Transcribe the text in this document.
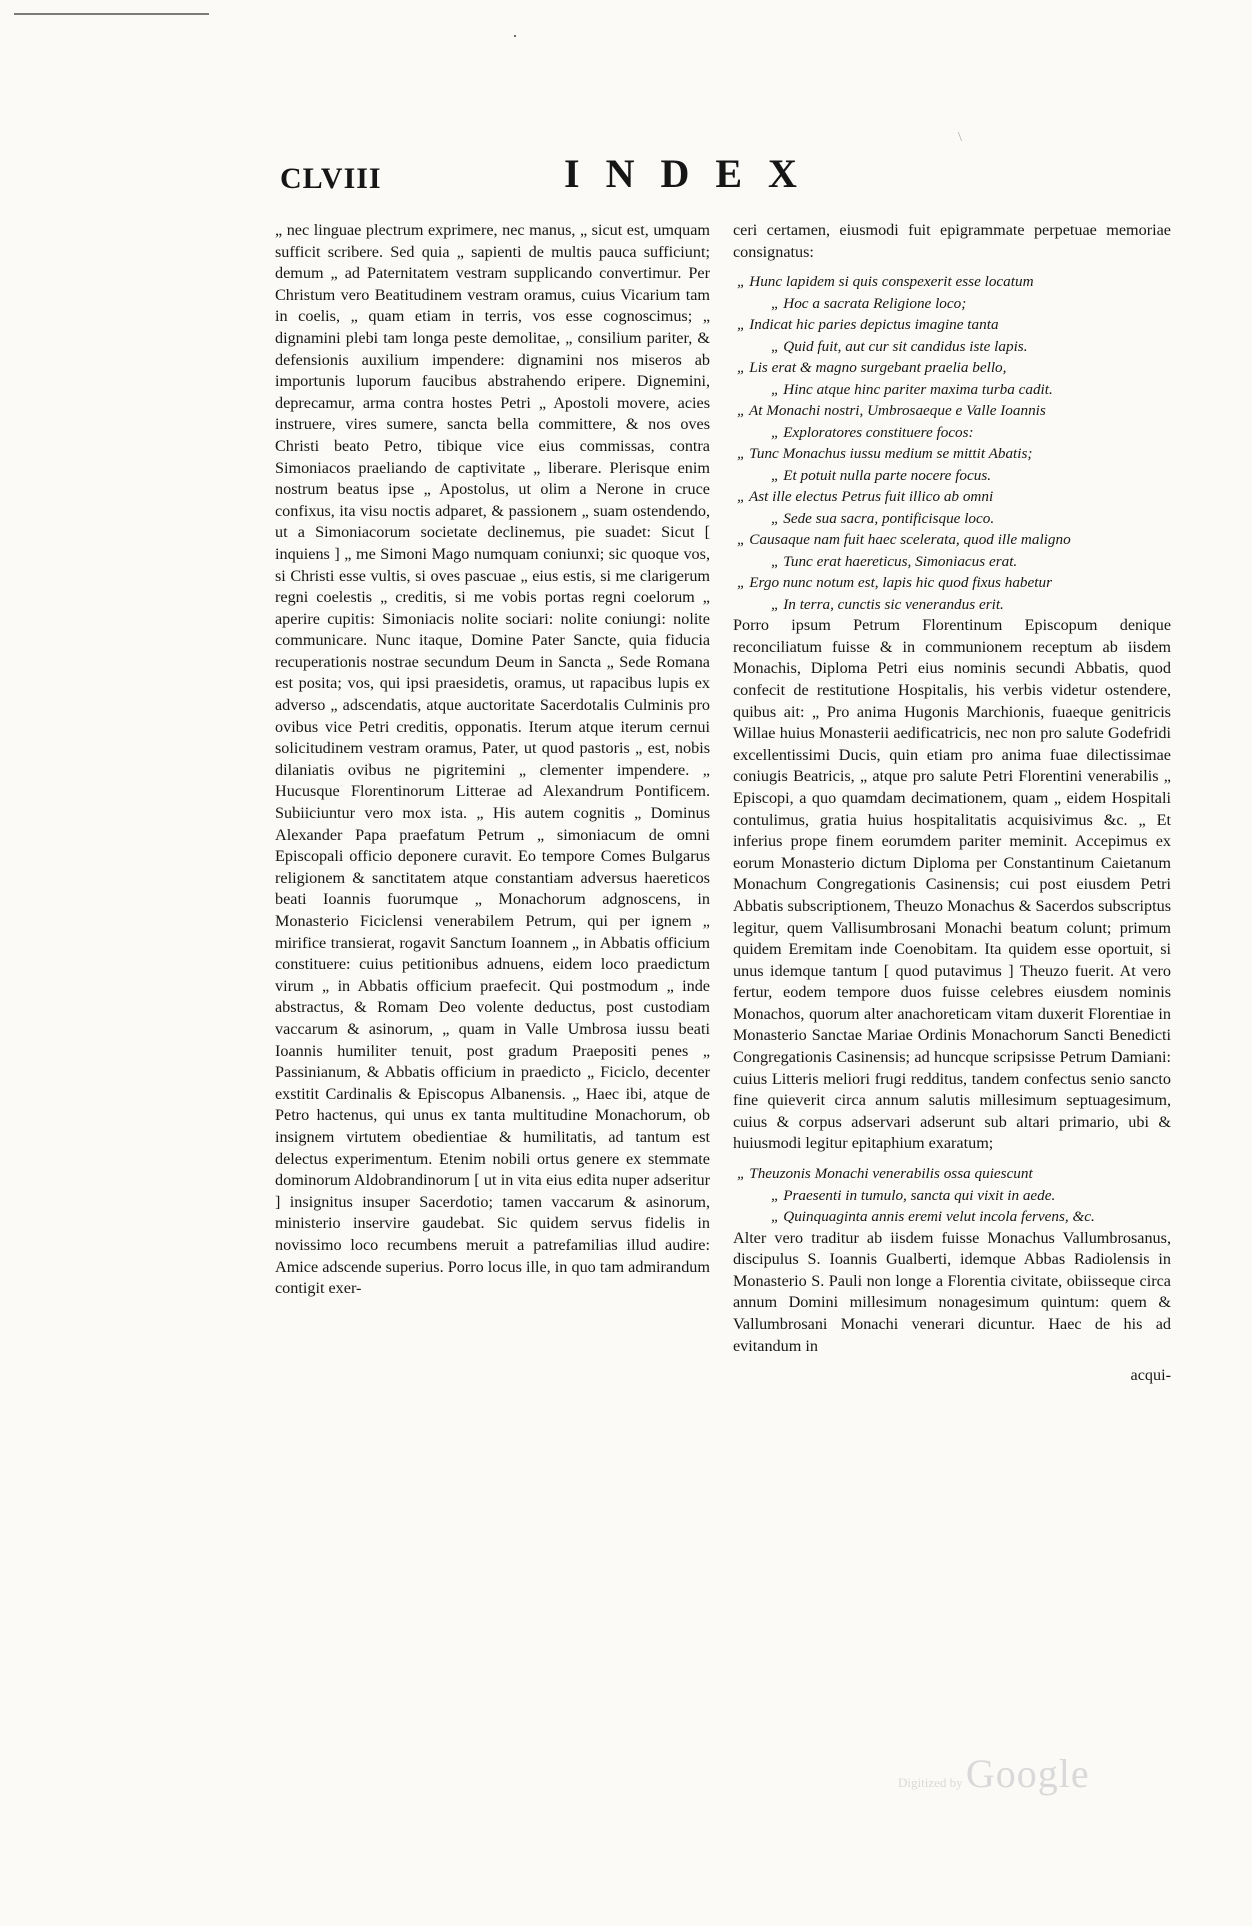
·
\
CLVIII	INDEX

„ nec linguae plectrum exprimere, nec manus, „ sicut est, umquam sufficit scribere. Sed quia „ sapienti de multis pauca sufficiunt; demum „ ad Paternitatem vestram supplicando convertimur. Per Christum vero Beatitudinem vestram oramus, cuius Vicarium tam in coelis, „ quam etiam in terris, vos esse cognoscimus; „ dignamini plebi tam longa peste demolitae, „ consilium pariter, & defensionis auxilium impendere: dignamini nos miseros ab importunis luporum faucibus abstrahendo eripere. Dignemini, deprecamur, arma contra hostes Petri „ Apostoli movere, acies instruere, vires sumere, sancta bella committere, & nos oves Christi beato Petro, tibique vice eius commissas, contra Simoniacos praeliando de captivitate „ liberare. Plerisque enim nostrum beatus ipse „ Apostolus, ut olim a Nerone in cruce confixus, ita visu noctis adparet, & passionem „ suam ostendendo, ut a Simoniacorum societate declinemus, pie suadet: Sicut [ inquiens ] „ me Simoni Mago numquam coniunxi; sic quoque vos, si Christi esse vultis, si oves pascuae „ eius estis, si me clarigerum regni coelestis „ creditis, si me vobis portas regni coelorum „ aperire cupitis: Simoniacis nolite sociari: nolite coniungi: nolite communicare. Nunc itaque, Domine Pater Sancte, quia fiducia recuperationis nostrae secundum Deum in Sancta „ Sede Romana est posita; vos, qui ipsi praesidetis, oramus, ut rapacibus lupis ex adverso „ adscendatis, atque auctoritate Sacerdotalis Culminis pro ovibus vice Petri creditis, opponatis. Iterum atque iterum cernui solicitudinem vestram oramus, Pater, ut quod pastoris „ est, nobis dilaniatis ovibus ne pigritemini „ clementer impendere. „ Hucusque Florentinorum Litterae ad Alexandrum Pontificem. Subiiciuntur vero mox ista. „ His autem cognitis „ Dominus Alexander Papa praefatum Petrum „ simoniacum de omni Episcopali officio deponere curavit. Eo tempore Comes Bulgarus religionem & sanctitatem atque constantiam adversus haereticos beati Ioannis fuorumque „ Monachorum adgnoscens, in Monasterio Ficiclensi venerabilem Petrum, qui per ignem „ mirifice transierat, rogavit Sanctum Ioannem „ in Abbatis officium constituere: cuius petitionibus adnuens, eidem loco praedictum virum „ in Abbatis officium praefecit. Qui postmodum „ inde abstractus, & Romam Deo volente deductus, post custodiam vaccarum & asinorum, „ quam in Valle Umbrosa iussu beati Ioannis humiliter tenuit, post gradum Praepositi penes „ Passinianum, & Abbatis officium in praedicto „ Ficiclo, decenter exstitit Cardinalis & Episcopus Albanensis. „ Haec ibi, atque de Petro hactenus, qui unus ex tanta multitudine Monachorum, ob insignem virtutem obedientiae & humilitatis, ad tantum est delectus experimentum. Etenim nobili ortus genere ex stemmate dominorum Aldobrandinorum [ ut in vita eius edita nuper adseritur ] insignitus insuper Sacerdotio; tamen vaccarum & asinorum, ministerio inservire gaudebat. Sic quidem servus fidelis in novissimo loco recumbens meruit a patrefamilias illud audire: Amice adscende superius. Porro locus ille, in quo tam admirandum contigit exer-

ceri certamen, eiusmodi fuit epigrammate perpetuae memoriae consignatus:

„ Hunc lapidem si quis conspexerit esse locatum
„ Hoc a sacrata Religione loco;
„ Indicat hic paries depictus imagine tanta
„ Quid fuit, aut cur sit candidus iste lapis.
„ Lis erat & magno surgebant praelia bello,
„ Hinc atque hinc pariter maxima turba cadit.
„ At Monachi nostri, Umbrosaeque e Valle Ioannis
„ Exploratores constituere focos:
„ Tunc Monachus iussu medium se mittit Abatis;
„ Et potuit nulla parte nocere focus.
„ Ast ille electus Petrus fuit illico ab omni
„ Sede sua sacra, pontificisque loco.
„ Causaque nam fuit haec scelerata, quod ille maligno
„ Tunc erat haereticus, Simoniacus erat.
„ Ergo nunc notum est, lapis hic quod fixus habetur
„ In terra, cunctis sic venerandus erit.

Porro ipsum Petrum Florentinum Episcopum denique reconciliatum fuisse & in communionem receptum ab iisdem Monachis, Diploma Petri eius nominis secundi Abbatis, quod confecit de restitutione Hospitalis, his verbis videtur ostendere, quibus ait: „ Pro anima Hugonis Marchionis, fuaeque genitricis Willae huius Monasterii aedificatricis, nec non pro salute Godefridi excellentissimi Ducis, quin etiam pro anima fuae dilectissimae coniugis Beatricis, „ atque pro salute Petri Florentini venerabilis „ Episcopi, a quo quamdam decimationem, quam „ eidem Hospitali contulimus, gratia huius hospitalitatis acquisivimus &c. „ Et inferius prope finem eorumdem pariter meminit. Accepimus ex eorum Monasterio dictum Diploma per Constantinum Caietanum Monachum Congregationis Casinensis; cui post eiusdem Petri Abbatis subscriptionem, Theuzo Monachus & Sacerdos subscriptus legitur, quem Vallisumbrosani Monachi beatum colunt; primum quidem Eremitam inde Coenobitam. Ita quidem esse oportuit, si unus idemque tantum [ quod putavimus ] Theuzo fuerit. At vero fertur, eodem tempore duos fuisse celebres eiusdem nominis Monachos, quorum alter anachoreticam vitam duxerit Florentiae in Monasterio Sanctae Mariae Ordinis Monachorum Sancti Benedicti Congregationis Casinensis; ad huncque scripsisse Petrum Damiani: cuius Litteris meliori frugi redditus, tandem confectus senio sancto fine quieverit circa annum salutis millesimum septuagesimum, cuius & corpus adservari adserunt sub altari primario, ubi & huiusmodi legitur epitaphium exaratum;

„ Theuzonis Monachi venerabilis ossa quiescunt
„ Praesenti in tumulo, sancta qui vixit in aede.
„ Quinquaginta annis eremi velut incola fervens, &c.

Alter vero traditur ab iisdem fuisse Monachus Vallumbrosanus, discipulus S. Ioannis Gualberti, idemque Abbas Radiolensis in Monasterio S. Pauli non longe a Florentia civitate, obiisseque circa annum Domini millesimum nonagesimum quintum: quem & Vallumbrosani Monachi venerari dicuntur. Haec de his ad evitandum in

acqui-
Digitized by Google
